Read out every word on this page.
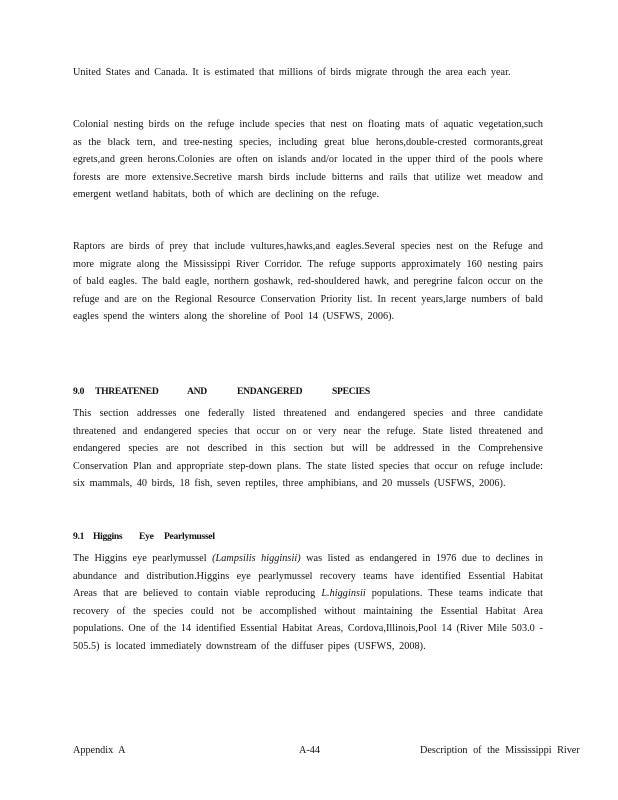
United States and Canada. It is estimated that millions of birds migrate through the area each year.

Colonial nesting birds on the refuge include species that nest on floating mats of aquatic vegetation,such as the black tern, and tree-nesting species, including great blue herons,double-crested cormorants,great egrets,and green herons.Colonies are often on islands and/or located in the upper third of the pools where forests are more extensive.Secretive marsh birds include bitterns and rails that utilize wet meadow and emergent wetland habitats, both of which are declining on the refuge.

Raptors are birds of prey that include vultures,hawks,and eagles.Several species nest on the Refuge and more migrate along the Mississippi River Corridor. The refuge supports approximately 160 nesting pairs of bald eagles. The bald eagle, northern goshawk, red-shouldered hawk, and peregrine falcon occur on the refuge and are on the Regional Resource Conservation Priority list. In recent years,large numbers of bald eagles spend the winters along the shoreline of Pool 14 (USFWS, 2006).

9.0 THREATENED	AND	ENDANGERED	SPECIES

This section addresses one federally listed threatened and endangered species and three candidate threatened and endangered species that occur on or very near the refuge. State listed threatened and endangered species are not described in this section but will be addressed in the Comprehensive Conservation Plan and appropriate step-down plans. The state listed species that occur on refuge include: six mammals, 40 birds, 18 fish, seven reptiles, three amphibians, and 20 mussels (USFWS, 2006).

9.1 Higgins Eye Pearlymussel

The Higgins eye pearlymussel (Lampsilis higginsii) was listed as endangered in 1976 due to declines in abundance and distribution.Higgins eye pearlymussel recovery teams have identified Essential Habitat Areas that are believed to contain viable reproducing L.higginsii populations. These teams indicate that recovery of the species could not be accomplished without maintaining the Essential Habitat Area populations. One of the 14 identified Essential Habitat Areas, Cordova,Illinois,Pool 14 (River Mile 503.0 - 505.5) is located immediately downstream of the diffuser pipes (USFWS, 2008).

Appendix A	A-44	Description of the Mississippi River
